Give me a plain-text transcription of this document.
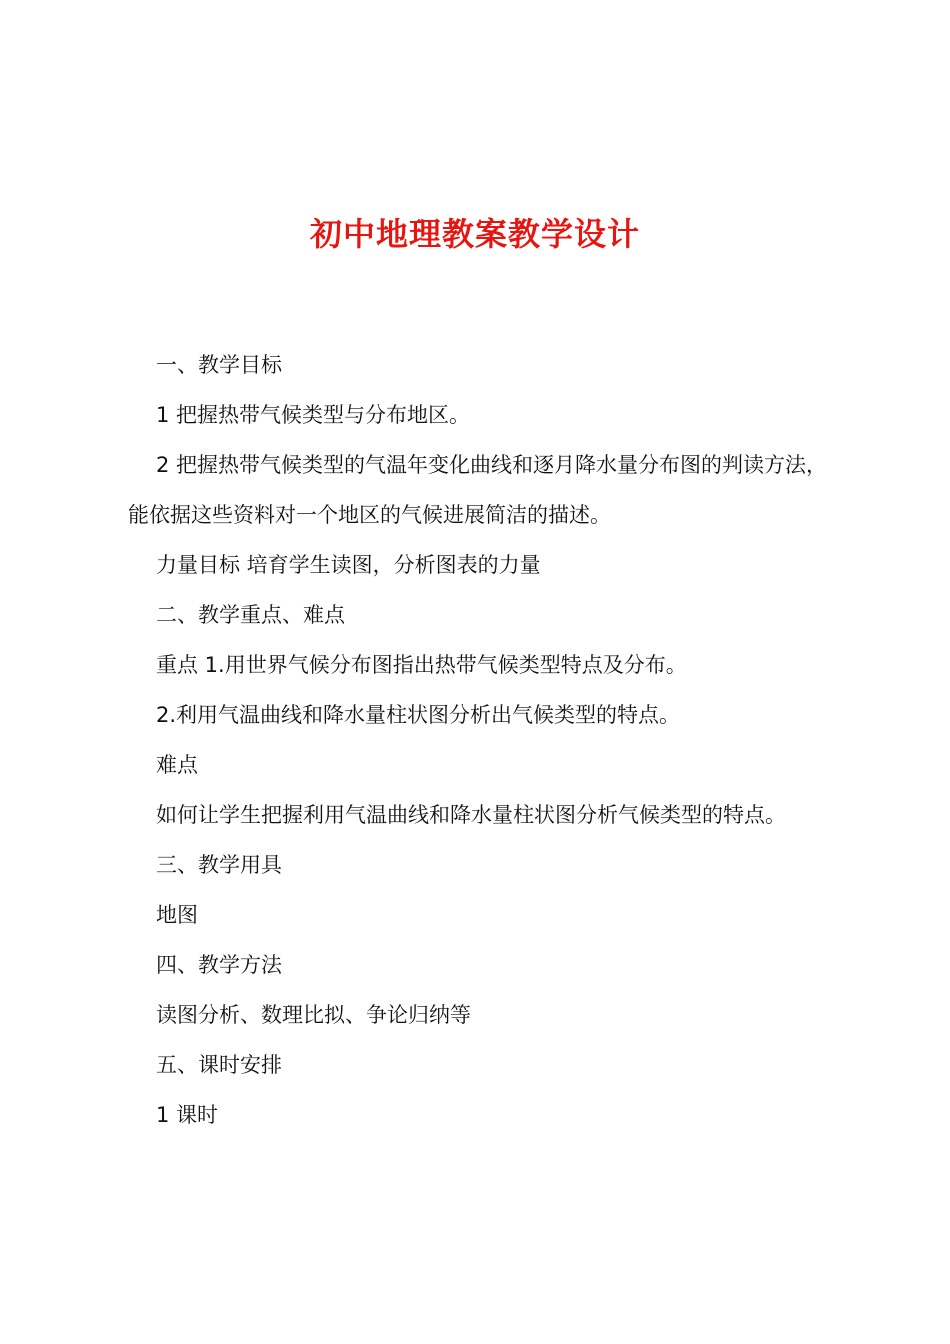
初中地理教案教学设计

一、教学目标

1 把握热带气候类型与分布地区。

2 把握热带气候类型的气温年变化曲线和逐月降水量分布图的判读方法，能依据这些资料对一个地区的气候进展简洁的描述。

力量目标 培育学生读图，分析图表的力量

二、教学重点、难点

重点 1.用世界气候分布图指出热带气候类型特点及分布。

2.利用气温曲线和降水量柱状图分析出气候类型的特点。

难点

如何让学生把握利用气温曲线和降水量柱状图分析气候类型的特点。

三、教学用具

地图

四、教学方法

读图分析、数理比拟、争论归纳等

五、课时安排

1 课时
